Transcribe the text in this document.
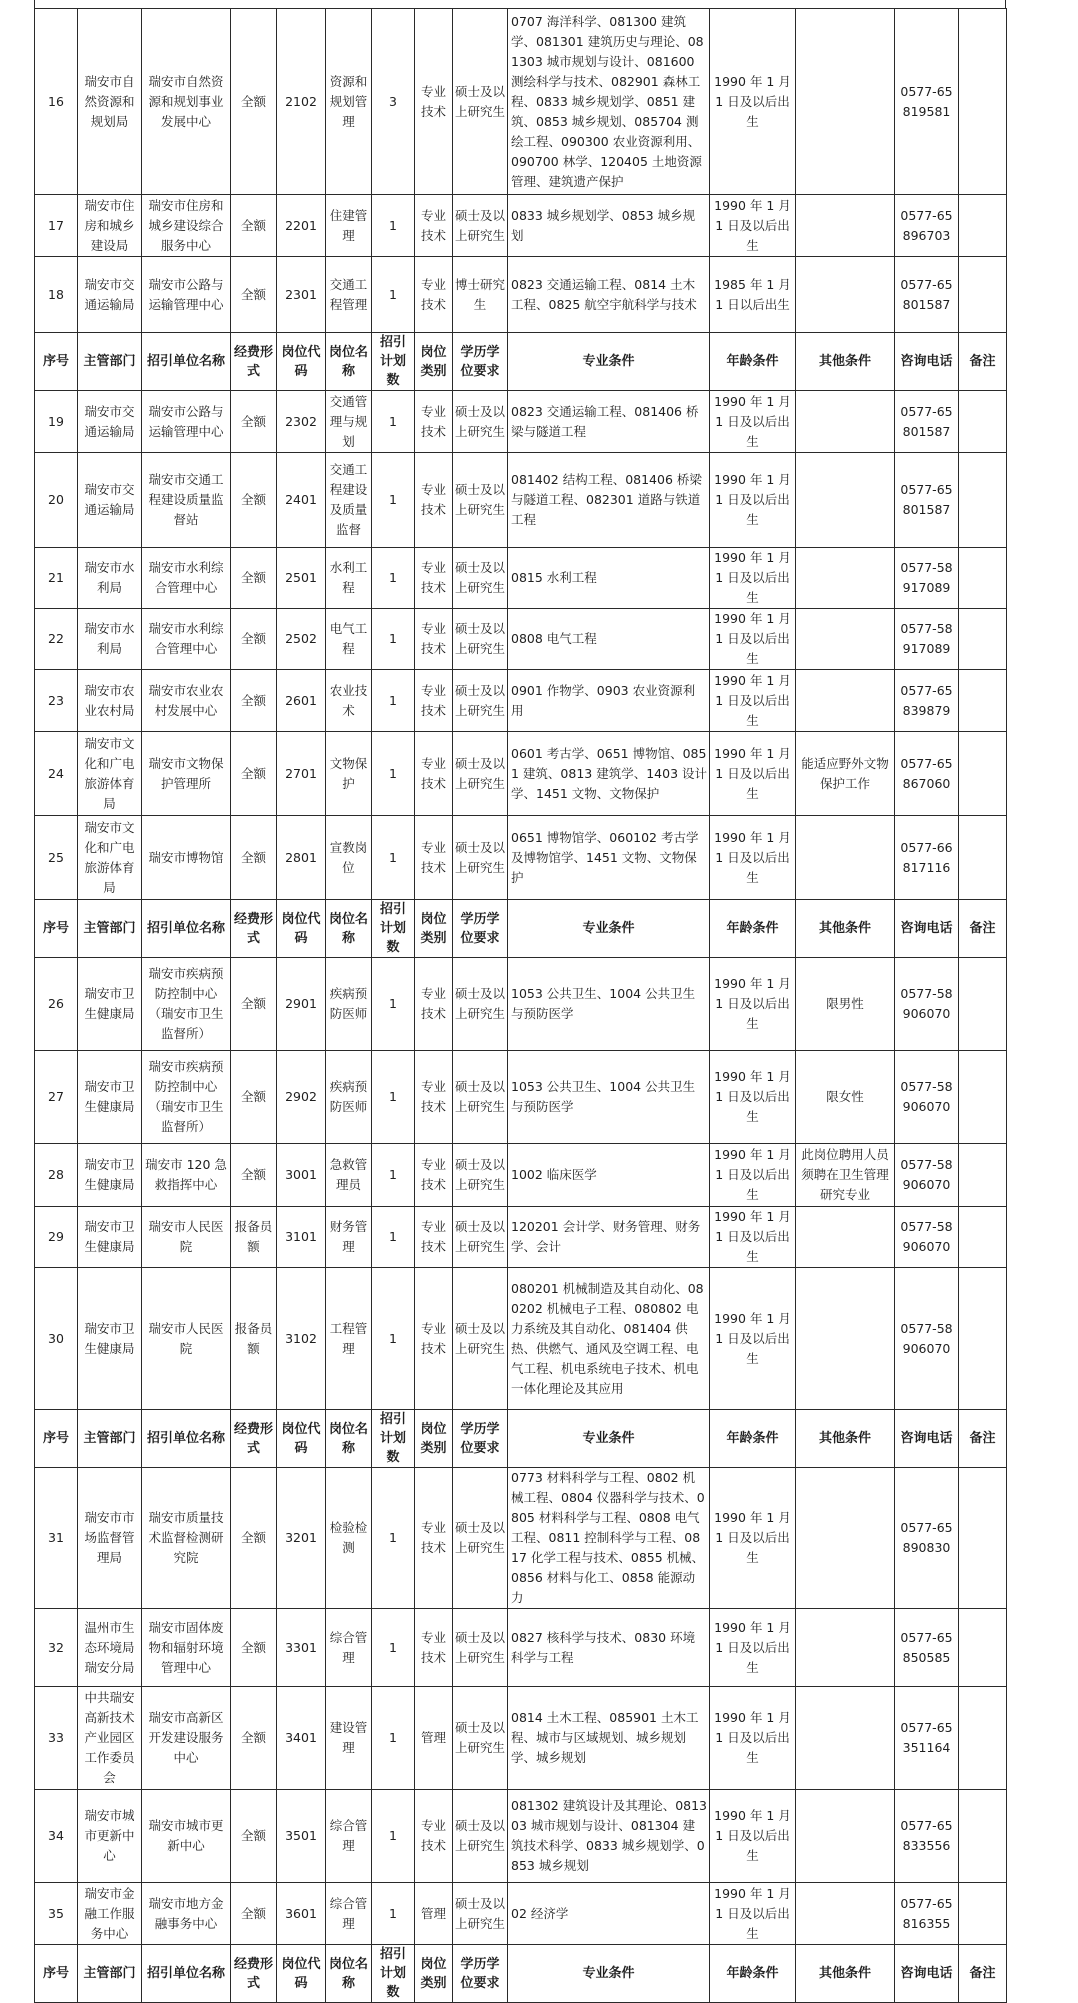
16	瑞安市自然资源和规划局	瑞安市自然资源和规划事业发展中心	全额	2102	资源和规划管理	3	专业技术	硕士及以上研究生	0707 海洋科学、081300 建筑学、081301 建筑历史与理论、081303 城市规划与设计、081600 测绘科学与技术、082901 森林工程、0833 城乡规划学、0851 建筑、0853 城乡规划、085704 测绘工程、090300 农业资源利用、090700 林学、120405 土地资源管理、建筑遗产保护	1990 年 1 月 1 日及以后出生		0577-65819581	
17	瑞安市住房和城乡建设局	瑞安市住房和城乡建设综合服务中心	全额	2201	住建管理	1	专业技术	硕士及以上研究生	0833 城乡规划学、0853 城乡规划	1990 年 1 月 1 日及以后出生		0577-65896703	
18	瑞安市交通运输局	瑞安市公路与运输管理中心	全额	2301	交通工程管理	1	专业技术	博士研究生	0823 交通运输工程、0814 土木工程、0825 航空宇航科学与技术	1985 年 1 月 1 日以后出生		0577-65801587	
序号	主管部门	招引单位名称	经费形式	岗位代码	岗位名称	招引计划数	岗位类别	学历学位要求	专业条件	年龄条件	其他条件	咨询电话	备注
19	瑞安市交通运输局	瑞安市公路与运输管理中心	全额	2302	交通管理与规划	1	专业技术	硕士及以上研究生	0823 交通运输工程、081406 桥梁与隧道工程	1990 年 1 月 1 日及以后出生		0577-65801587	
20	瑞安市交通运输局	瑞安市交通工程建设质量监督站	全额	2401	交通工程建设及质量监督	1	专业技术	硕士及以上研究生	081402 结构工程、081406 桥梁与隧道工程、082301 道路与铁道工程	1990 年 1 月 1 日及以后出生		0577-65801587	
21	瑞安市水利局	瑞安市水利综合管理中心	全额	2501	水利工程	1	专业技术	硕士及以上研究生	0815 水利工程	1990 年 1 月 1 日及以后出生		0577-58917089	
22	瑞安市水利局	瑞安市水利综合管理中心	全额	2502	电气工程	1	专业技术	硕士及以上研究生	0808 电气工程	1990 年 1 月 1 日及以后出生		0577-58917089	
23	瑞安市农业农村局	瑞安市农业农村发展中心	全额	2601	农业技术	1	专业技术	硕士及以上研究生	0901 作物学、0903 农业资源利用	1990 年 1 月 1 日及以后出生		0577-65839879	
24	瑞安市文化和广电旅游体育局	瑞安市文物保护管理所	全额	2701	文物保护	1	专业技术	硕士及以上研究生	0601 考古学、0651 博物馆、0851 建筑、0813 建筑学、1403 设计学、1451 文物、文物保护	1990 年 1 月 1 日及以后出生	能适应野外文物保护工作	0577-65867060	
25	瑞安市文化和广电旅游体育局	瑞安市博物馆	全额	2801	宣教岗位	1	专业技术	硕士及以上研究生	0651 博物馆学、060102 考古学及博物馆学、1451 文物、文物保护	1990 年 1 月 1 日及以后出生		0577-66817116	
序号	主管部门	招引单位名称	经费形式	岗位代码	岗位名称	招引计划数	岗位类别	学历学位要求	专业条件	年龄条件	其他条件	咨询电话	备注
26	瑞安市卫生健康局	瑞安市疾病预防控制中心（瑞安市卫生监督所）	全额	2901	疾病预防医师	1	专业技术	硕士及以上研究生	1053 公共卫生、1004 公共卫生与预防医学	1990 年 1 月 1 日及以后出生	限男性	0577-58906070	
27	瑞安市卫生健康局	瑞安市疾病预防控制中心（瑞安市卫生监督所）	全额	2902	疾病预防医师	1	专业技术	硕士及以上研究生	1053 公共卫生、1004 公共卫生与预防医学	1990 年 1 月 1 日及以后出生	限女性	0577-58906070	
28	瑞安市卫生健康局	瑞安市 120 急救指挥中心	全额	3001	急救管理员	1	专业技术	硕士及以上研究生	1002 临床医学	1990 年 1 月 1 日及以后出生	此岗位聘用人员须聘在卫生管理研究专业	0577-58906070	
29	瑞安市卫生健康局	瑞安市人民医院	报备员额	3101	财务管理	1	专业技术	硕士及以上研究生	120201 会计学、财务管理、财务学、会计	1990 年 1 月 1 日及以后出生		0577-58906070	
30	瑞安市卫生健康局	瑞安市人民医院	报备员额	3102	工程管理	1	专业技术	硕士及以上研究生	080201 机械制造及其自动化、080202 机械电子工程、080802 电力系统及其自动化、081404 供热、供燃气、通风及空调工程、电气工程、机电系统电子技术、机电一体化理论及其应用	1990 年 1 月 1 日及以后出生		0577-58906070	
序号	主管部门	招引单位名称	经费形式	岗位代码	岗位名称	招引计划数	岗位类别	学历学位要求	专业条件	年龄条件	其他条件	咨询电话	备注
31	瑞安市市场监督管理局	瑞安市质量技术监督检测研究院	全额	3201	检验检测	1	专业技术	硕士及以上研究生	0773 材料科学与工程、0802 机械工程、0804 仪器科学与技术、0805 材料科学与工程、0808 电气工程、0811 控制科学与工程、0817 化学工程与技术、0855 机械、0856 材料与化工、0858 能源动力	1990 年 1 月 1 日及以后出生		0577-65890830	
32	温州市生态环境局瑞安分局	瑞安市固体废物和辐射环境管理中心	全额	3301	综合管理	1	专业技术	硕士及以上研究生	0827 核科学与技术、0830 环境科学与工程	1990 年 1 月 1 日及以后出生		0577-65850585	
33	中共瑞安高新技术产业园区工作委员会	瑞安市高新区开发建设服务中心	全额	3401	建设管理	1	管理	硕士及以上研究生	0814 土木工程、085901 土木工程、城市与区域规划、城乡规划学、城乡规划	1990 年 1 月 1 日及以后出生		0577-65351164	
34	瑞安市城市更新中心	瑞安市城市更新中心	全额	3501	综合管理	1	专业技术	硕士及以上研究生	081302 建筑设计及其理论、081303 城市规划与设计、081304 建筑技术科学、0833 城乡规划学、0853 城乡规划	1990 年 1 月 1 日及以后出生		0577-65833556	
35	瑞安市金融工作服务中心	瑞安市地方金融事务中心	全额	3601	综合管理	1	管理	硕士及以上研究生	02 经济学	1990 年 1 月 1 日及以后出生		0577-65816355	
序号	主管部门	招引单位名称	经费形式	岗位代码	岗位名称	招引计划数	岗位类别	学历学位要求	专业条件	年龄条件	其他条件	咨询电话	备注
